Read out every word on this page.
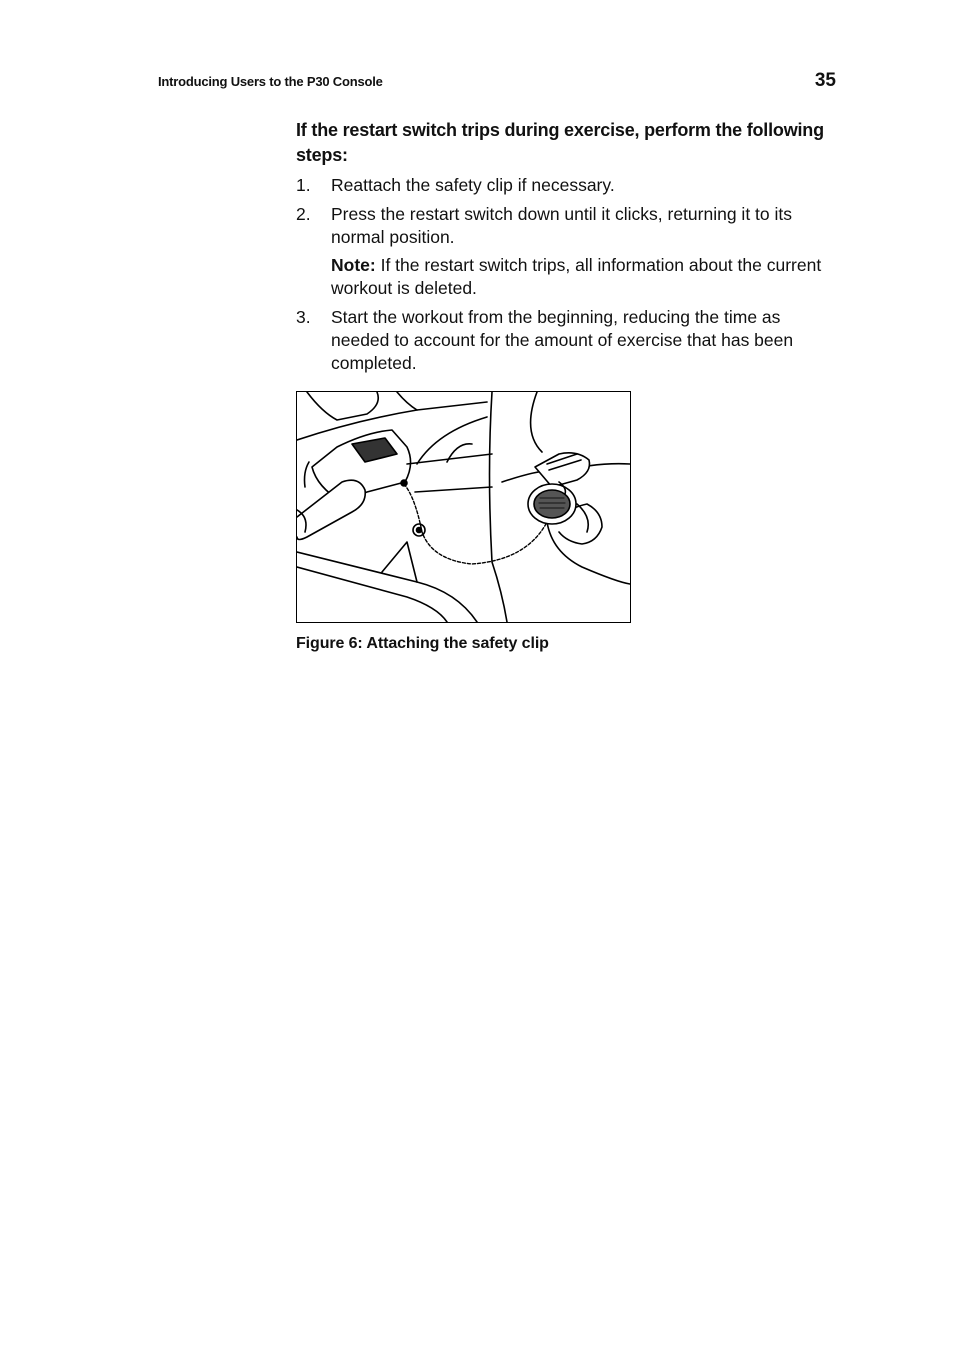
Introducing Users to the P30 Console	35
If the restart switch trips during exercise, perform the following steps:
1. Reattach the safety clip if necessary.
2. Press the restart switch down until it clicks, returning it to its normal position.
Note: If the restart switch trips, all information about the current workout is deleted.
3. Start the workout from the beginning, reducing the time as needed to account for the amount of exercise that has been completed.
Figure 6: Attaching the safety clip
